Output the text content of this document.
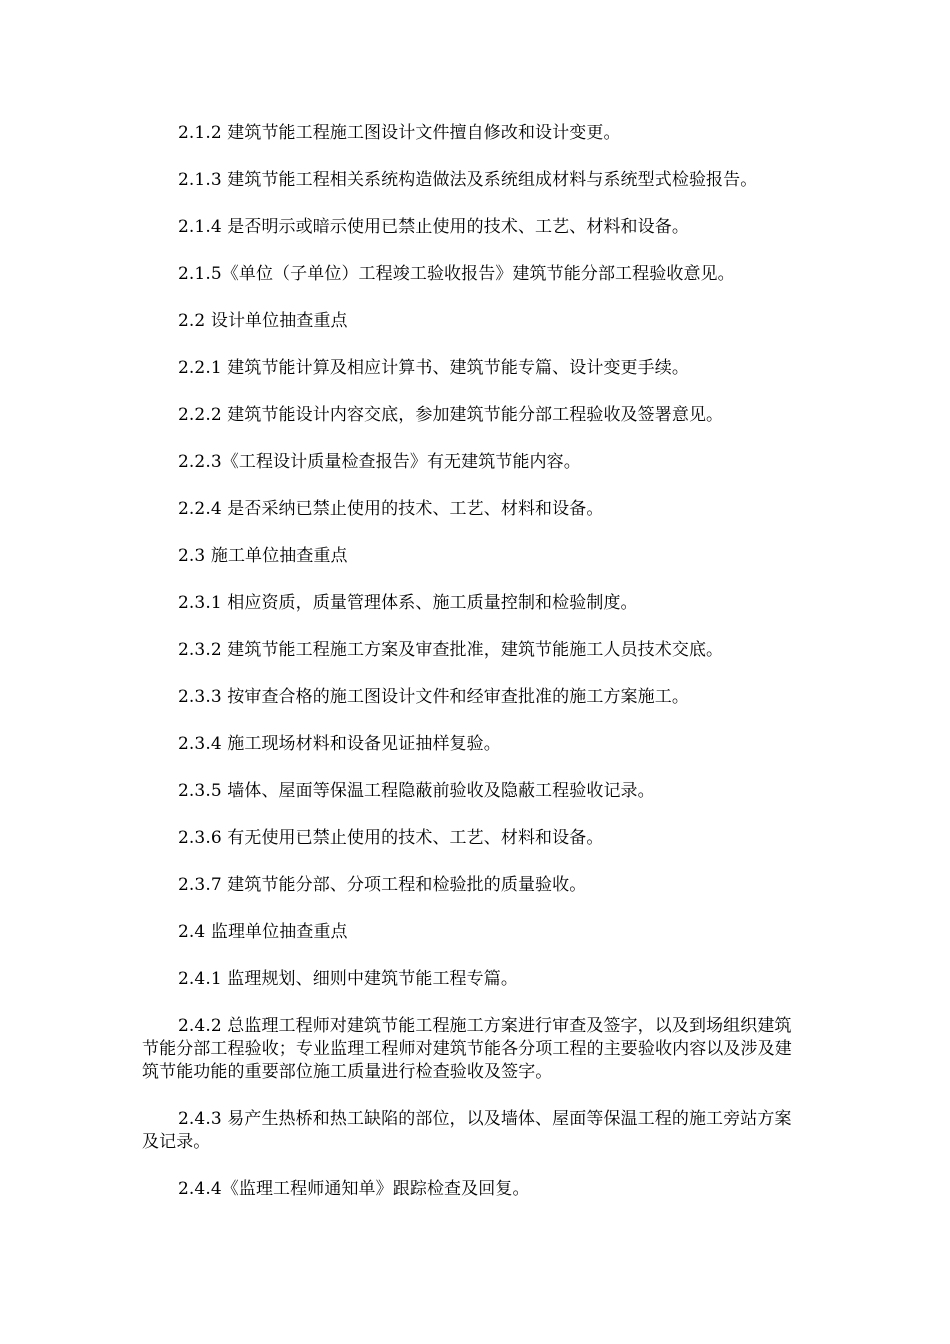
2.1.2 建筑节能工程施工图设计文件擅自修改和设计变更。

2.1.3 建筑节能工程相关系统构造做法及系统组成材料与系统型式检验报告。

2.1.4 是否明示或暗示使用已禁止使用的技术、工艺、材料和设备。

2.1.5《单位（子单位）工程竣工验收报告》建筑节能分部工程验收意见。

2.2 设计单位抽查重点

2.2.1 建筑节能计算及相应计算书、建筑节能专篇、设计变更手续。

2.2.2 建筑节能设计内容交底，参加建筑节能分部工程验收及签署意见。

2.2.3《工程设计质量检查报告》有无建筑节能内容。

2.2.4 是否采纳已禁止使用的技术、工艺、材料和设备。

2.3 施工单位抽查重点

2.3.1 相应资质，质量管理体系、施工质量控制和检验制度。

2.3.2 建筑节能工程施工方案及审查批准，建筑节能施工人员技术交底。

2.3.3 按审查合格的施工图设计文件和经审查批准的施工方案施工。

2.3.4 施工现场材料和设备见证抽样复验。

2.3.5 墙体、屋面等保温工程隐蔽前验收及隐蔽工程验收记录。

2.3.6 有无使用已禁止使用的技术、工艺、材料和设备。

2.3.7 建筑节能分部、分项工程和检验批的质量验收。

2.4 监理单位抽查重点

2.4.1 监理规划、细则中建筑节能工程专篇。

2.4.2 总监理工程师对建筑节能工程施工方案进行审查及签字，以及到场组织建筑节能分部工程验收；专业监理工程师对建筑节能各分项工程的主要验收内容以及涉及建筑节能功能的重要部位施工质量进行检查验收及签字。

2.4.3 易产生热桥和热工缺陷的部位，以及墙体、屋面等保温工程的施工旁站方案及记录。

2.4.4《监理工程师通知单》跟踪检查及回复。
